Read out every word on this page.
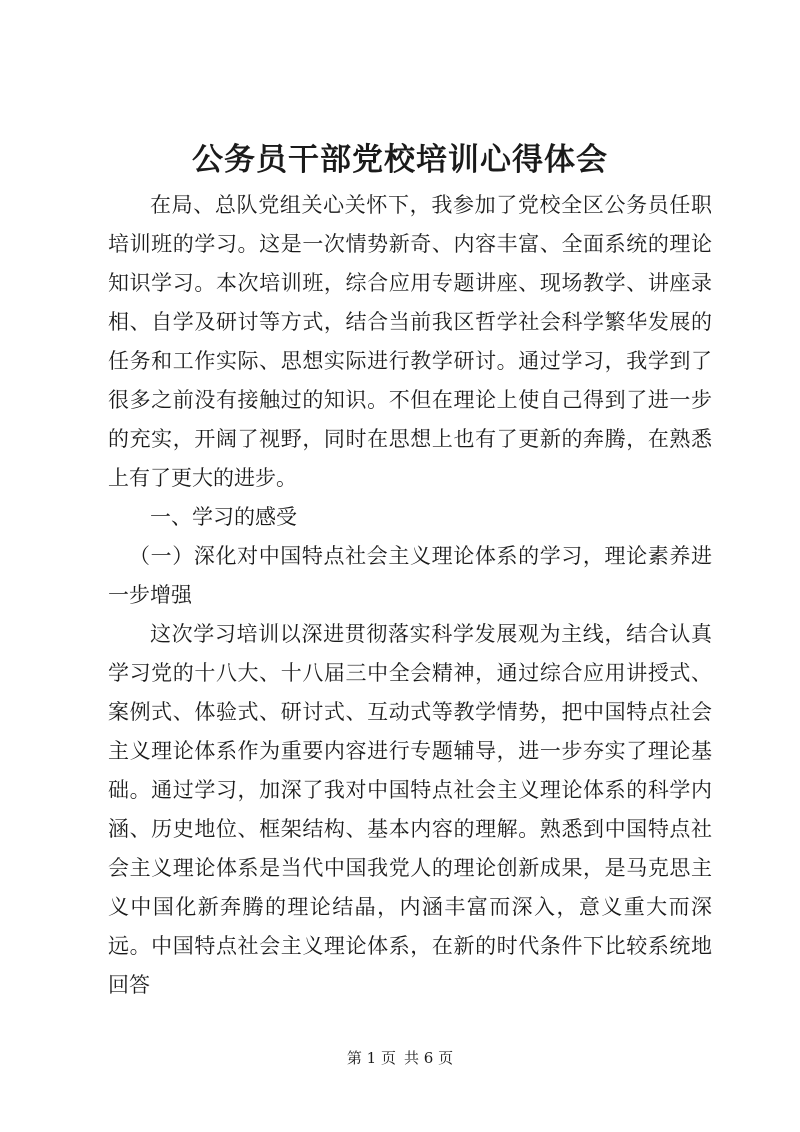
公务员干部党校培训心得体会

在局、总队党组关心关怀下，我参加了党校全区公务员任职培训班的学习。这是一次情势新奇、内容丰富、全面系统的理论知识学习。本次培训班，综合应用专题讲座、现场教学、讲座录相、自学及研讨等方式，结合当前我区哲学社会科学繁华发展的任务和工作实际、思想实际进行教学研讨。通过学习，我学到了很多之前没有接触过的知识。不但在理论上使自己得到了进一步的充实，开阔了视野，同时在思想上也有了更新的奔腾，在熟悉上有了更大的进步。

一、学习的感受

（一）深化对中国特点社会主义理论体系的学习，理论素养进一步增强

这次学习培训以深进贯彻落实科学发展观为主线，结合认真学习党的十八大、十八届三中全会精神，通过综合应用讲授式、案例式、体验式、研讨式、互动式等教学情势，把中国特点社会主义理论体系作为重要内容进行专题辅导，进一步夯实了理论基础。通过学习，加深了我对中国特点社会主义理论体系的科学内涵、历史地位、框架结构、基本内容的理解。熟悉到中国特点社会主义理论体系是当代中国我党人的理论创新成果，是马克思主义中国化新奔腾的理论结晶，内涵丰富而深入，意义重大而深远。中国特点社会主义理论体系，在新的时代条件下比较系统地回答

第 1 页 共 6 页
